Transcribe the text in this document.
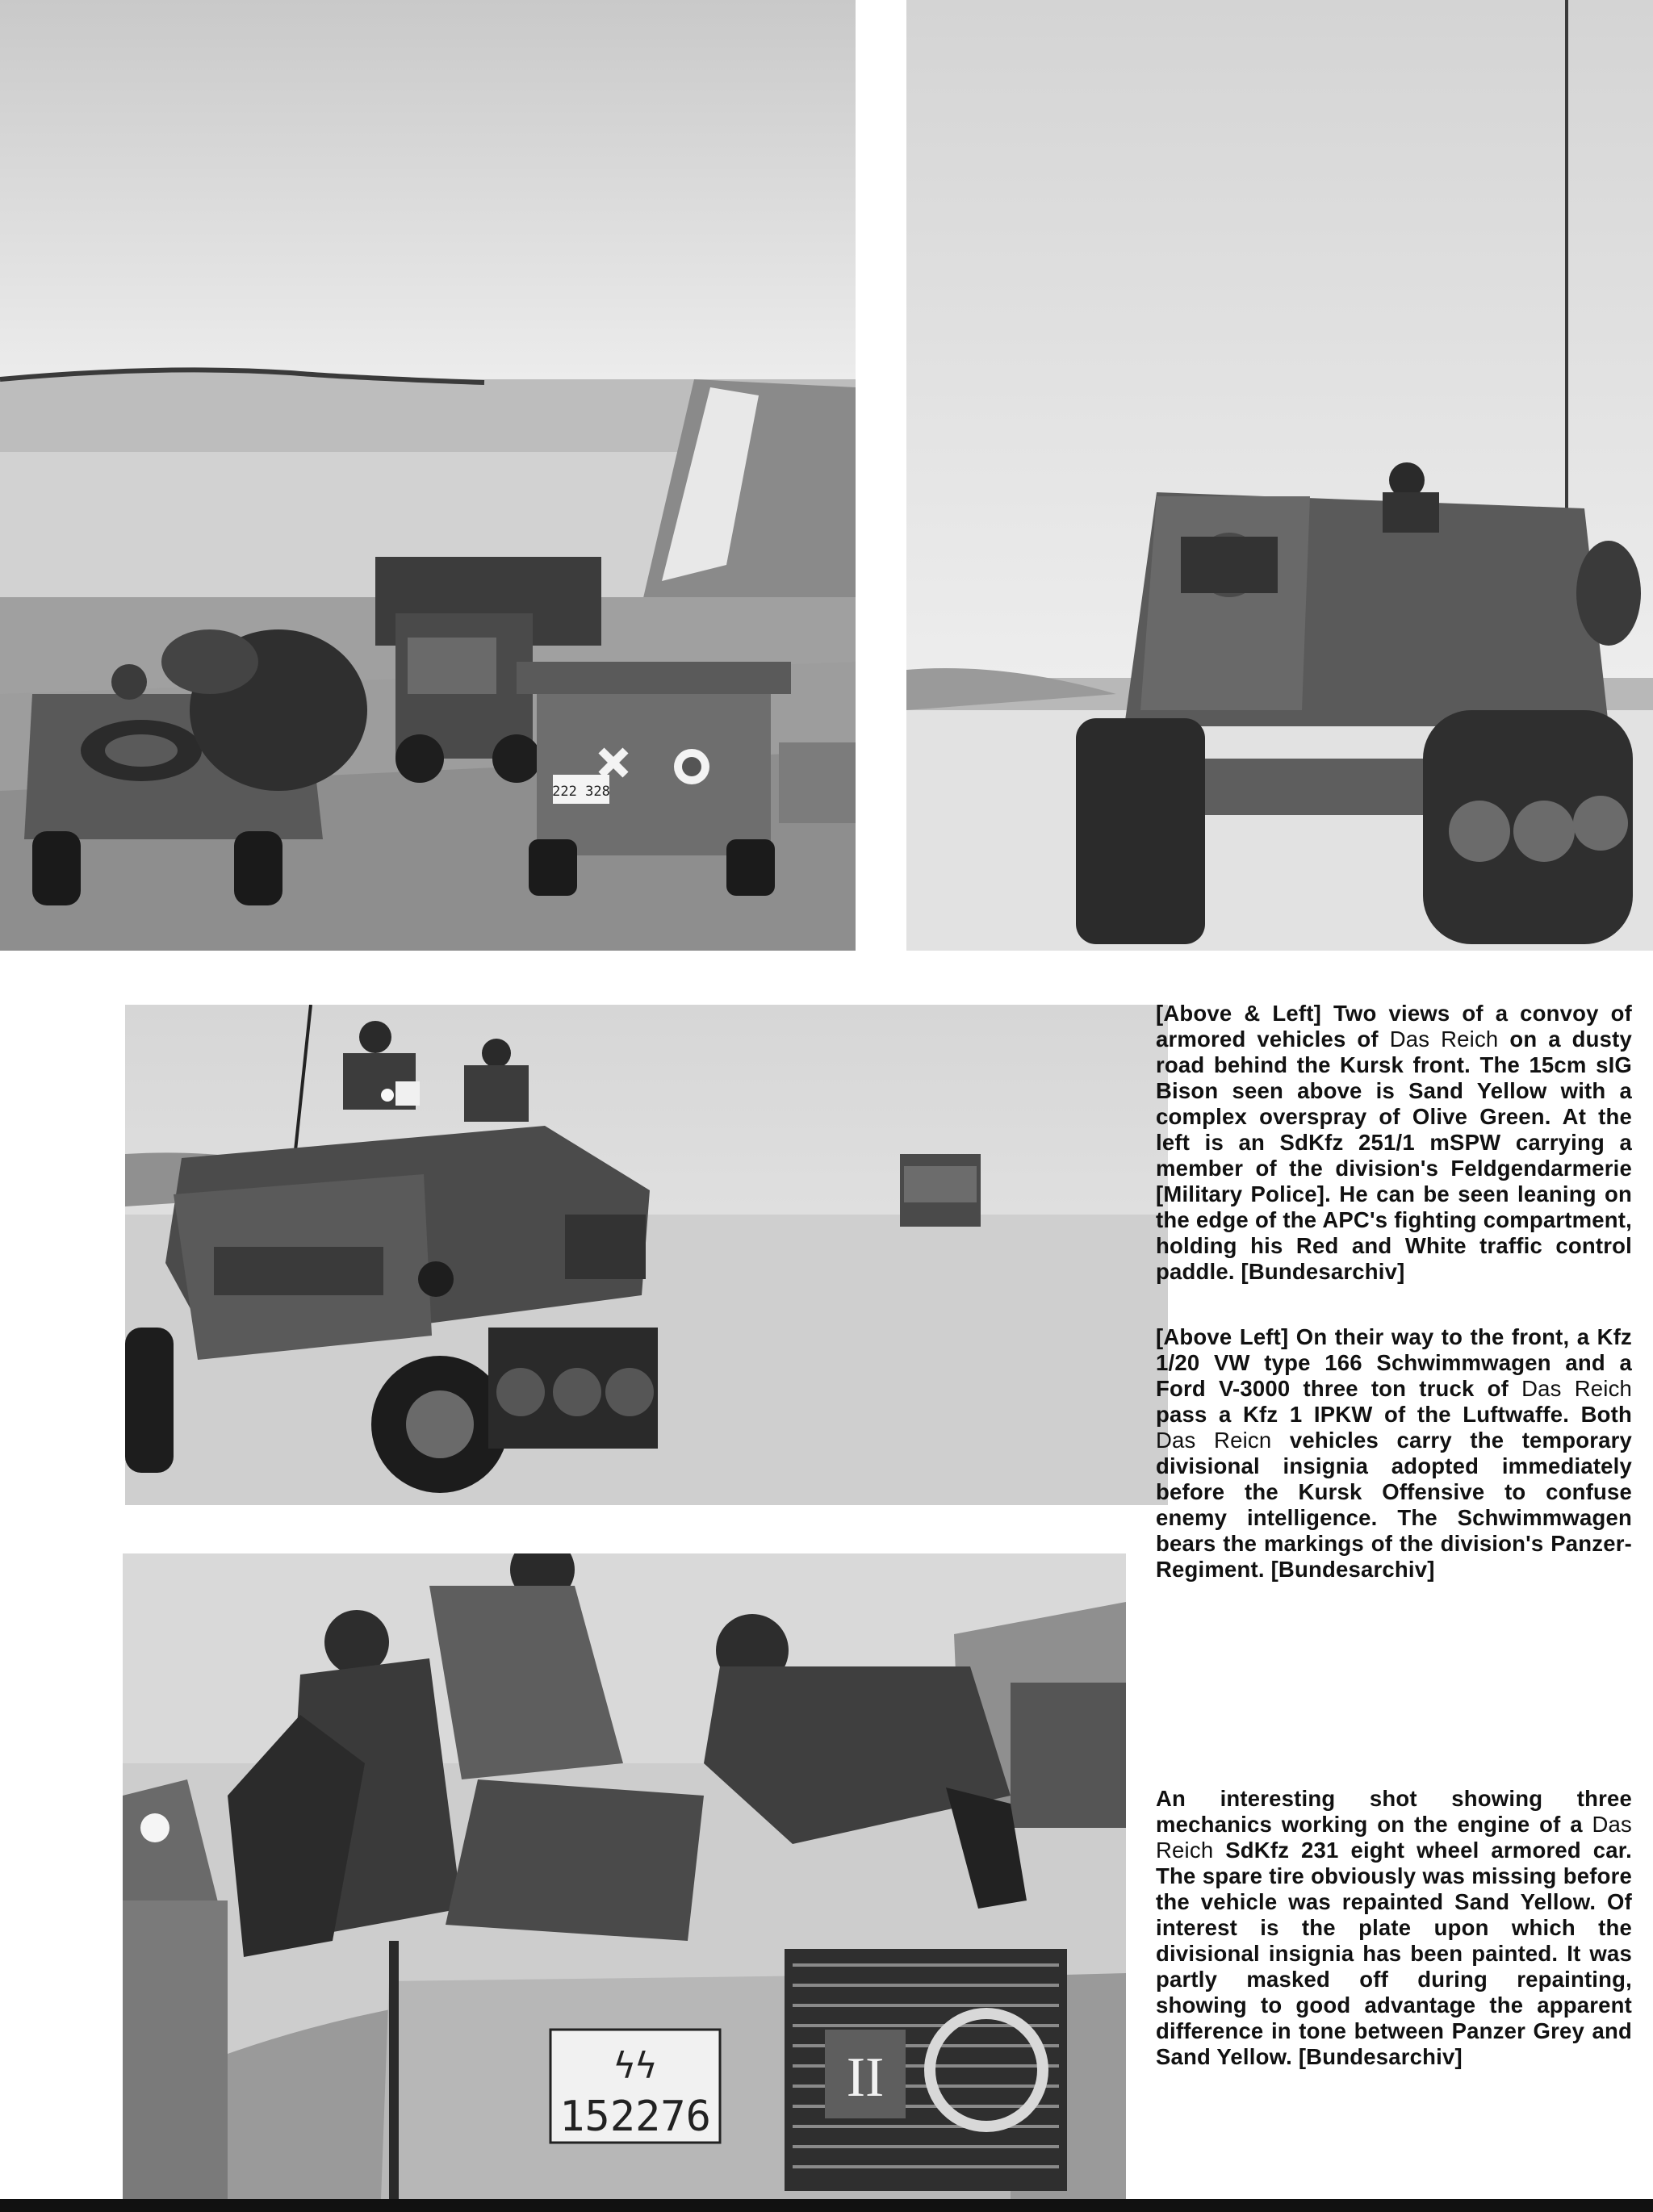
222 328
II
ϟϟ
152276
[Above & Left] Two views of a convoy of armored vehicles of Das Reich on a dusty road behind the Kursk front. The 15cm sIG Bison seen above is Sand Yellow with a complex overspray of Olive Green. At the left is an SdKfz 251/1 mSPW carrying a member of the division's Feldgendarmerie [Military Police]. He can be seen leaning on the edge of the APC's fighting compartment, holding his Red and White traffic control paddle. [Bundesarchiv]
[Above Left] On their way to the front, a Kfz 1/20 VW type 166 Schwimmwagen and a Ford V-3000 three ton truck of Das Reich pass a Kfz 1 IPKW of the Luftwaffe. Both Das Reicn vehicles carry the temporary divisional insignia adopted immediately before the Kursk Offensive to confuse enemy intelligence. The Schwimmwagen bears the markings of the division's Panzer-Regiment. [Bundesarchiv]
An interesting shot showing three mechanics working on the engine of a Das Reich SdKfz 231 eight wheel armored car. The spare tire obviously was missing before the vehicle was repainted Sand Yellow. Of interest is the plate upon which the divisional insignia has been painted. It was partly masked off during repainting, showing to good advantage the apparent difference in tone between Panzer Grey and Sand Yellow. [Bundesarchiv]
